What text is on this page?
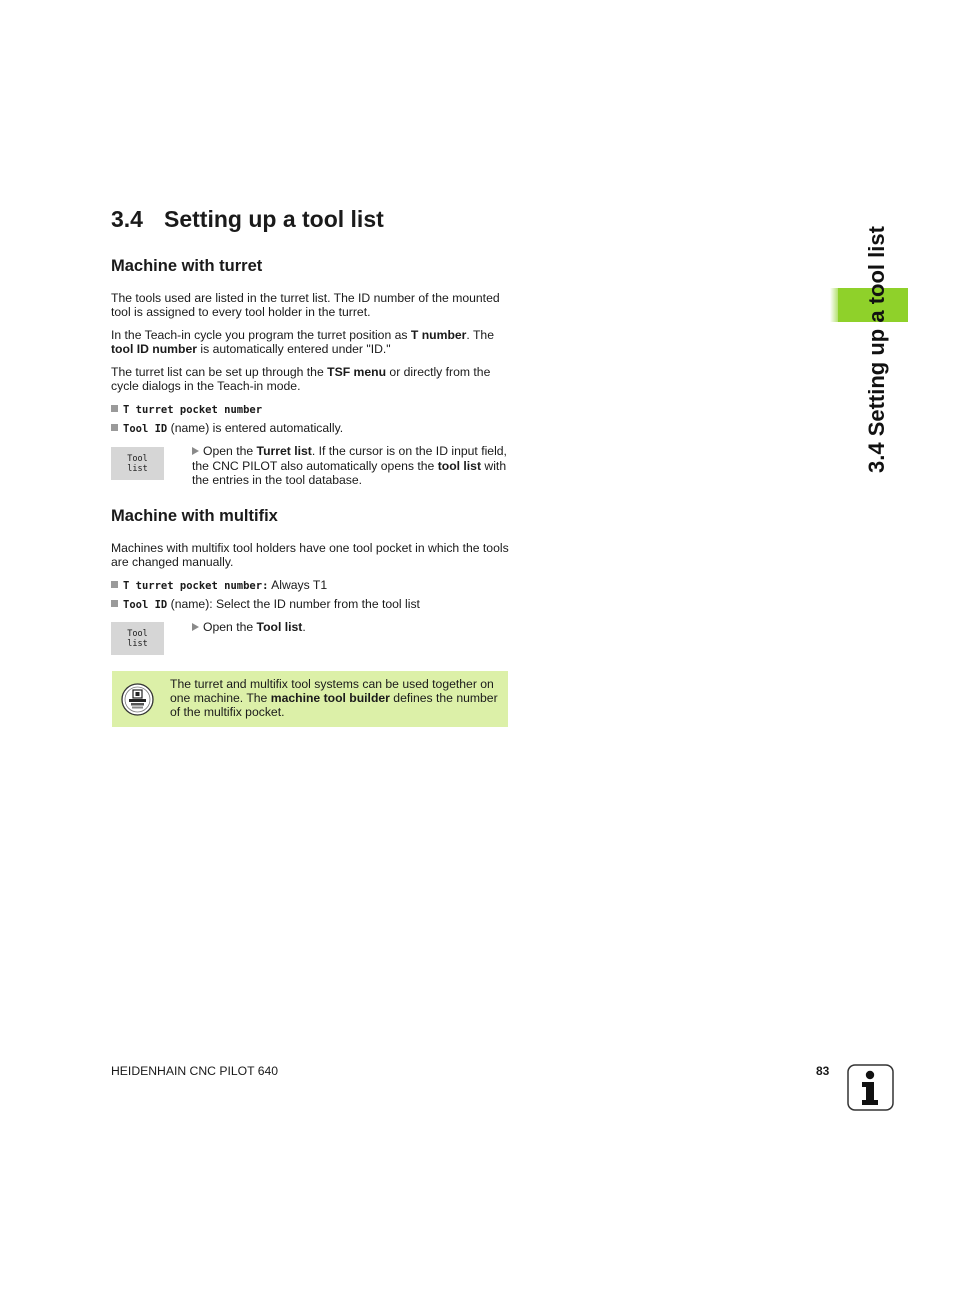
3.4 Setting up a tool list
Machine with turret
The tools used are listed in the turret list. The ID number of the mounted tool is assigned to every tool holder in the turret.
In the Teach-in cycle you program the turret position as T number. The tool ID number is automatically entered under "ID."
The turret list can be set up through the TSF menu or directly from the cycle dialogs in the Teach-in mode.
T turret pocket number
Tool ID (name) is entered automatically.
Tool
list
Open the Turret list. If the cursor is on the ID input field, the CNC PILOT also automatically opens the tool list with the entries in the tool database.
Machine with multifix
Machines with multifix tool holders have one tool pocket in which the tools are changed manually.
T turret pocket number: Always T1
Tool ID (name): Select the ID number from the tool list
Tool
list
Open the Tool list.
The turret and multifix tool systems can be used together on one machine. The machine tool builder defines the number of the multifix pocket.
3.4 Setting up a tool list
HEIDENHAIN CNC PILOT 640	83
